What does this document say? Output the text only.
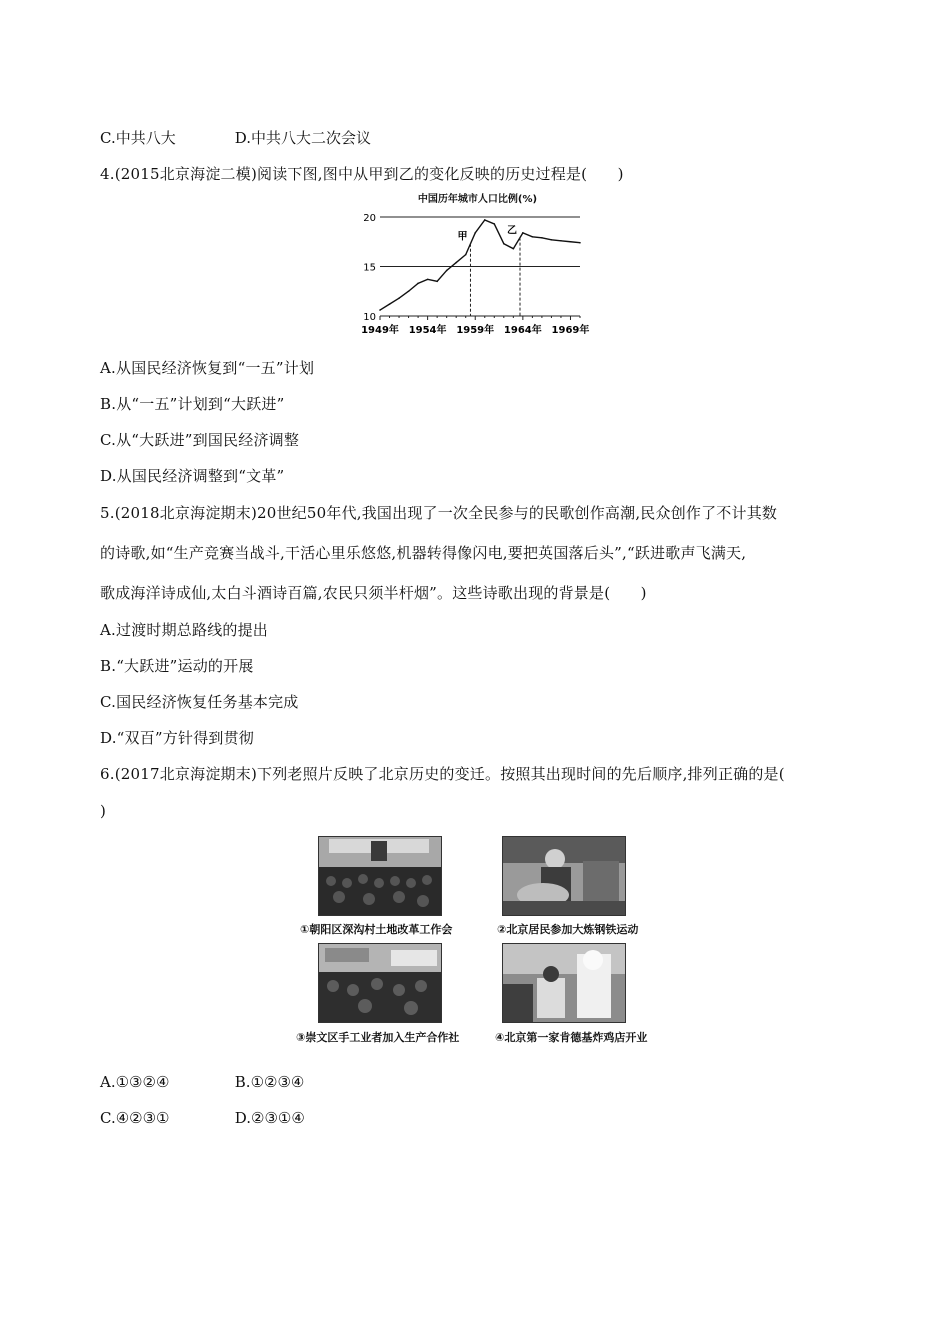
C.中共八大	D.中共八大二次会议
4.(2015北京海淀二模)阅读下图,图中从甲到乙的变化反映的历史过程是(　　)
中国历年城市人口比例(%)
10
15
20
1949年 1954年 1959年 1964年 1969年
甲
乙
A.从国民经济恢复到“一五”计划
B.从“一五”计划到“大跃进”
C.从“大跃进”到国民经济调整
D.从国民经济调整到“文革”
5.(2018北京海淀期末)20世纪50年代,我国出现了一次全民参与的民歌创作高潮,民众创作了不计其数
的诗歌,如“生产竞赛当战斗,干活心里乐悠悠,机器转得像闪电,要把英国落后头”,“跃进歌声飞满天,
歌成海洋诗成仙,太白斗酒诗百篇,农民只须半杆烟”。这些诗歌出现的背景是(　　)
A.过渡时期总路线的提出
B.“大跃进”运动的开展
C.国民经济恢复任务基本完成
D.“双百”方针得到贯彻
6.(2017北京海淀期末)下列老照片反映了北京历史的变迁。按照其出现时间的先后顺序,排列正确的是(
)
①朝阳区深沟村土地改革工作会	②北京居民参加大炼钢铁运动
③崇文区手工业者加入生产合作社	④北京第一家肯德基炸鸡店开业
A.①③②④	B.①②③④
C.④②③①	D.②③①④
